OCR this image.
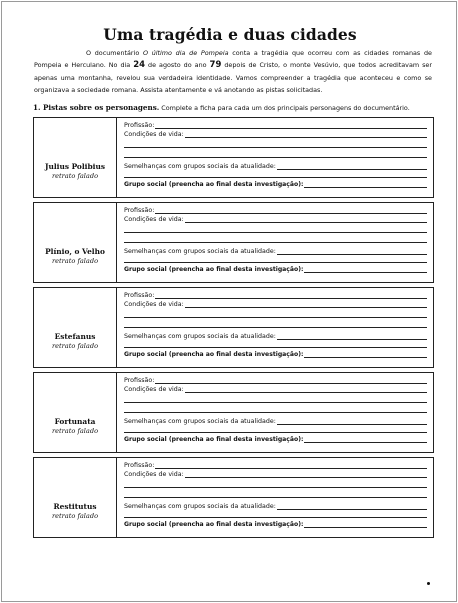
Uma tragédia e duas cidades

O documentário O último dia de Pompeia conta a tragédia que ocorreu com as cidades romanas de Pompeia e Herculano. No dia 24 de agosto do ano 79 depois de Cristo, o monte Vesúvio, que todos acreditavam ser apenas uma montanha, revelou sua verdadeira identidade. Vamos compreender a tragédia que aconteceu e como se organizava a sociedade romana. Assista atentamente e vá anotando as pistas solicitadas.

1. Pistas sobre os personagens. Complete a ficha para cada um dos principais personagens do documentário.
Julius Polibius
retrato falado
Profissão:
Condições de vida:
Semelhanças com grupos sociais da atualidade:
Grupo social (preencha ao final desta investigação):
Plínio, o Velho
retrato falado
Profissão:
Condições de vida:
Semelhanças com grupos sociais da atualidade:
Grupo social (preencha ao final desta investigação):
Estefanus
retrato falado
Profissão:
Condições de vida:
Semelhanças com grupos sociais da atualidade:
Grupo social (preencha ao final desta investigação):
Fortunata
retrato falado
Profissão:
Condições de vida:
Semelhanças com grupos sociais da atualidade:
Grupo social (preencha ao final desta investigação):
Restitutus
retrato falado
Profissão:
Condições de vida:
Semelhanças com grupos sociais da atualidade:
Grupo social (preencha ao final desta investigação):
